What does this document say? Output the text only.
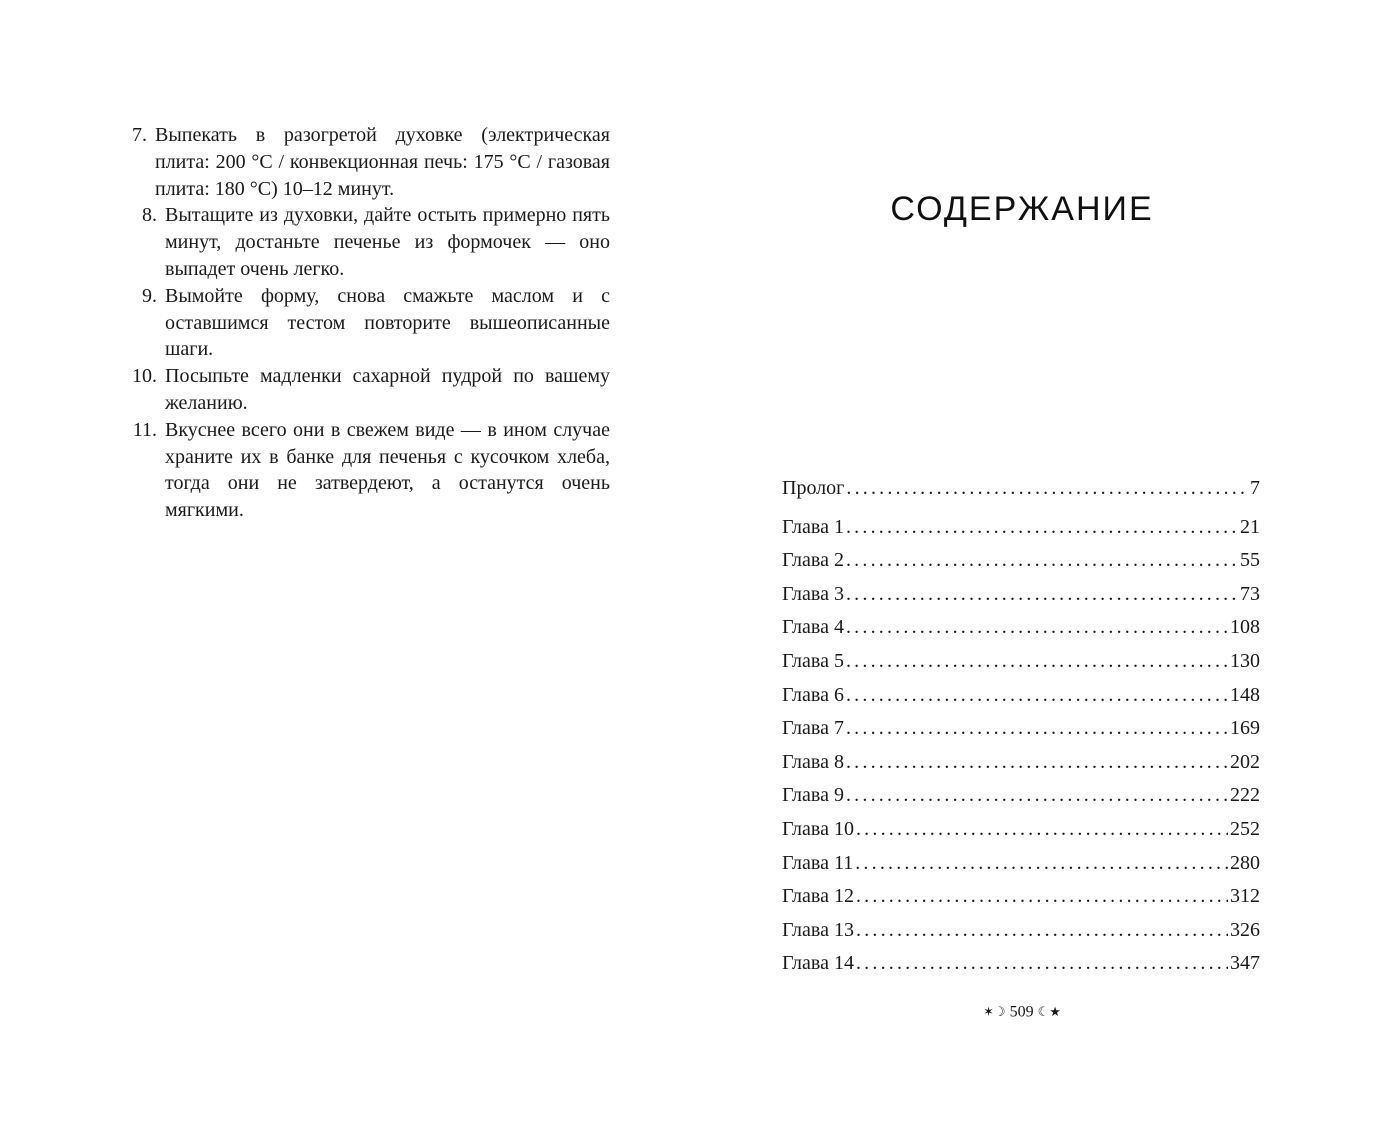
7. Выпекать в разогретой духовке (электрическая плита: 200 °C / конвекционная печь: 175 °C / газовая плита: 180 °C) 10–12 минут.
8. Вытащите из духовки, дайте остыть примерно пять минут, достаньте печенье из формочек — оно выпадет очень легко.
9. Вымойте форму, снова смажьте маслом и с оставшимся тестом повторите вышеописанные шаги.
10. Посыпьте мадленки сахарной пудрой по вашему желанию.
11. Вкуснее всего они в свежем виде — в ином случае храните их в банке для печенья с кусочком хлеба, тогда они не затвердеют, а останутся очень мягкими.
СОДЕРЖАНИЕ
Пролог .....	7
Глава 1 .....	21
Глава 2 .....	55
Глава 3 .....	73
Глава 4 .....	108
Глава 5 .....	130
Глава 6 .....	148
Глава 7 .....	169
Глава 8 .....	202
Глава 9 .....	222
Глава 10 .....	252
Глава 11 .....	280
Глава 12 .....	312
Глава 13 .....	326
Глава 14 .....	347
✶☽ 509 ☾★
